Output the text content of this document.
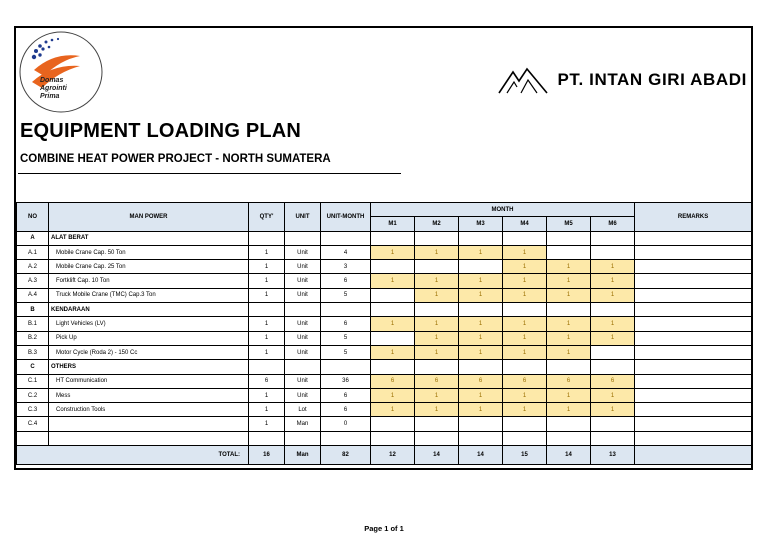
Domas
Agrointi
Prima
PT. INTAN GIRI ABADI
EQUIPMENT LOADING PLAN
COMBINE HEAT POWER PROJECT - NORTH SUMATERA
NO	MAN POWER	QTY'	UNIT	UNIT-MONTH	MONTH						REMARKS
					M1	M2	M3	M4	M5	M6	
A	ALAT BERAT										
A.1	Mobile Crane Cap. 50 Ton	1	Unit	4	1	1	1	1			
A.2	Mobile Crane Cap. 25 Ton	1	Unit	3				1	1	1	
A.3	Fortklift Cap. 10 Ton	1	Unit	6	1	1	1	1	1	1	
A.4	Truck Mobile Crane (TMC) Cap.3 Ton	1	Unit	5		1	1	1	1	1	
B	KENDARAAN										
B.1	Light Vehicles (LV)	1	Unit	6	1	1	1	1	1	1	
B.2	Pick Up	1	Unit	5		1	1	1	1	1	
B.3	Motor Cycle (Roda 2) - 150 Cc	1	Unit	5	1	1	1	1	1		
C	OTHERS										
C.1	HT Communication	6	Unit	36	6	6	6	6	6	6	
C.2	Mess	1	Unit	6	1	1	1	1	1	1	
C.3	Construction Tools	1	Lot	6	1	1	1	1	1	1	
C.4		1	Man	0							

TOTAL:		16	Man	82	12	14	14	15	14	13	
Page 1 of 1
